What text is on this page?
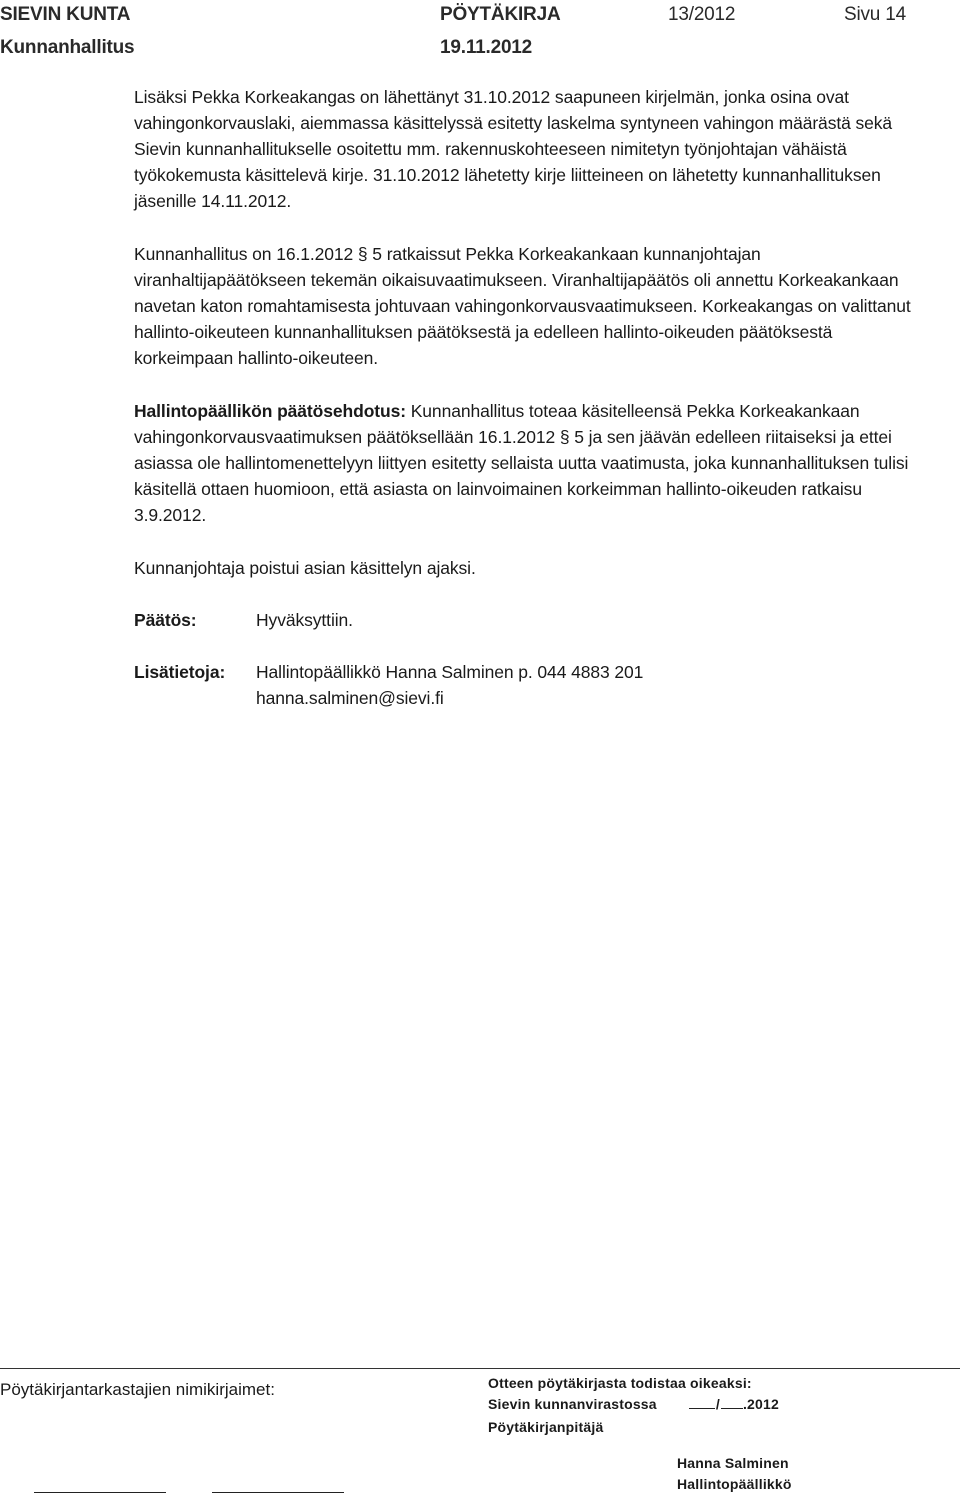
SIEVIN KUNTA	PÖYTÄKIRJA	13/2012	Sivu 14
Kunnanhallitus	19.11.2012

Lisäksi Pekka Korkeakangas on lähettänyt 31.10.2012 saapuneen kirjelmän, jonka osina ovat vahingonkorvauslaki, aiemmassa käsittelyssä esitetty laskelma syntyneen vahingon määrästä sekä Sievin kunnanhallitukselle osoitettu mm. rakennuskohteeseen nimitetyn työnjohtajan vähäistä työkokemusta käsittelevä kirje. 31.10.2012 lähetetty kirje liitteineen on lähetetty kunnanhallituksen jäsenille 14.11.2012.

Kunnanhallitus on 16.1.2012 § 5 ratkaissut Pekka Korkeakankaan kunnanjohtajan viranhaltijapäätökseen tekemän oikaisuvaatimukseen. Viranhaltijapäätös oli annettu Korkeakankaan navetan katon romahtamisesta johtuvaan vahingonkorvausvaatimukseen. Korkeakangas on valittanut hallinto-oikeuteen kunnanhallituksen päätöksestä ja edelleen hallinto-oikeuden päätöksestä korkeimpaan hallinto-oikeuteen.

Hallintopäällikön päätösehdotus: Kunnanhallitus toteaa käsitelleensä Pekka Korkeakankaan vahingonkorvausvaatimuksen päätöksellään 16.1.2012 § 5 ja sen jäävän edelleen riitaiseksi ja ettei asiassa ole hallintomenettelyyn liittyen esitetty sellaista uutta vaatimusta, joka kunnanhallituksen tulisi käsitellä ottaen huomioon, että asiasta on lainvoimainen korkeimman hallinto-oikeuden ratkaisu 3.9.2012.

Kunnanjohtaja poistui asian käsittelyn ajaksi.

Päätös:	Hyväksyttiin.
Lisätietoja: Hallintopäällikkö Hanna Salminen p. 044 4883 201
hanna.salminen@sievi.fi
Pöytäkirjantarkastajien nimikirjaimet:	Otteen pöytäkirjasta todistaa oikeaksi:
Sievin kunnanvirastossa	/ .2012
Pöytäkirjanpitäjä
Hanna Salminen
Hallintopäällikkö
